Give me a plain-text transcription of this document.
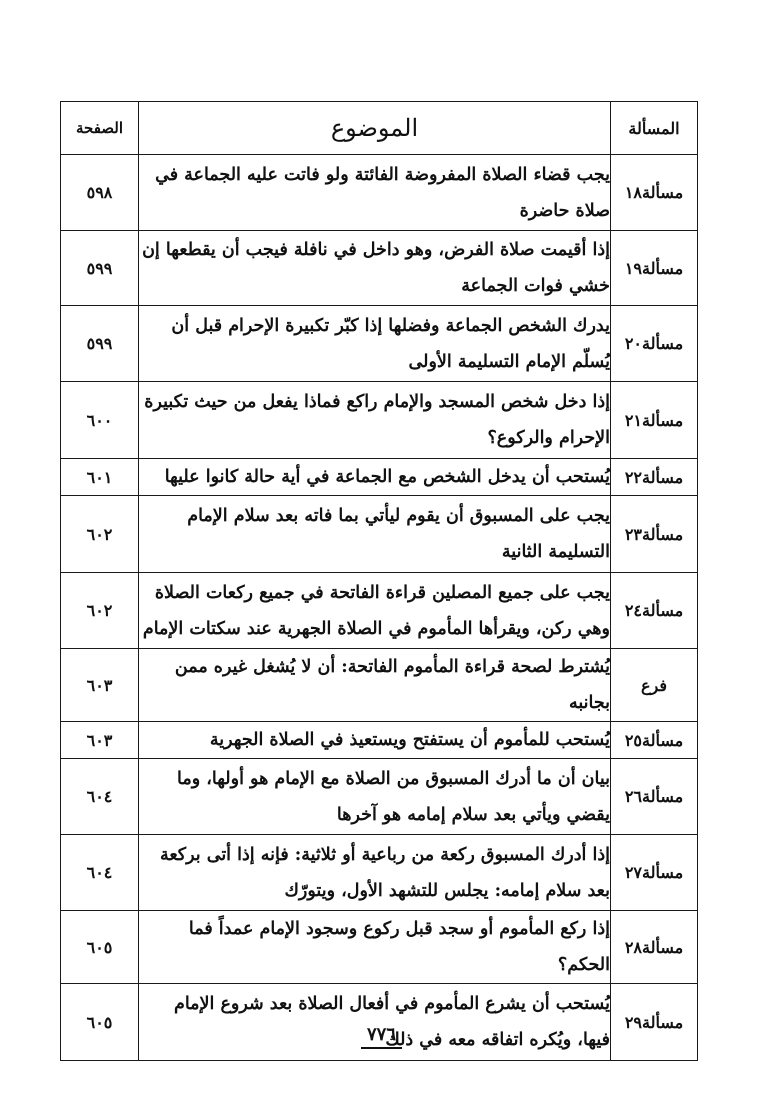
المسألة	الموضوع	الصفحة
مسألة١٨	يجب قضاء الصلاة المفروضة الفائتة ولو فاتت عليه الجماعة في صلاة حاضرة	٥٩٨
مسألة١٩	إذا أقيمت صلاة الفرض، وهو داخل في نافلة فيجب أن يقطعها إن خشي فوات الجماعة	٥٩٩
مسألة٢٠	يدرك الشخص الجماعة وفضلها إذا كبّر تكبيرة الإحرام قبل أن يُسلّم الإمام التسليمة الأولى	٥٩٩
مسألة٢١	إذا دخل شخص المسجد والإمام راكع فماذا يفعل من حيث تكبيرة الإحرام والركوع؟	٦٠٠
مسألة٢٢	يُستحب أن يدخل الشخص مع الجماعة في أية حالة كانوا عليها	٦٠١
مسألة٢٣	يجب على المسبوق أن يقوم ليأتي بما فاته بعد سلام الإمام التسليمة الثانية	٦٠٢
مسألة٢٤	يجب على جميع المصلين قراءة الفاتحة في جميع ركعات الصلاة وهي ركن، ويقرأها المأموم في الصلاة الجهرية عند سكتات الإمام	٦٠٢
فرع	يُشترط لصحة قراءة المأموم الفاتحة: أن لا يُشغل غيره ممن بجانبه	٦٠٣
مسألة٢٥	يُستحب للمأموم أن يستفتح ويستعيذ في الصلاة الجهرية	٦٠٣
مسألة٢٦	بيان أن ما أدرك المسبوق من الصلاة مع الإمام هو أولها، وما يقضي ويأتي بعد سلام إمامه هو آخرها	٦٠٤
مسألة٢٧	إذا أدرك المسبوق ركعة من رباعية أو ثلاثية: فإنه إذا أتى بركعة بعد سلام إمامه: يجلس للتشهد الأول، ويتورّك	٦٠٤
مسألة٢٨	إذا ركع المأموم أو سجد قبل ركوع وسجود الإمام عمداً فما الحكم؟	٦٠٥
مسألة٢٩	يُستحب أن يشرع المأموم في أفعال الصلاة بعد شروع الإمام فيها، ويُكره اتفاقه معه في ذلك	٦٠٥
٧٧٦
